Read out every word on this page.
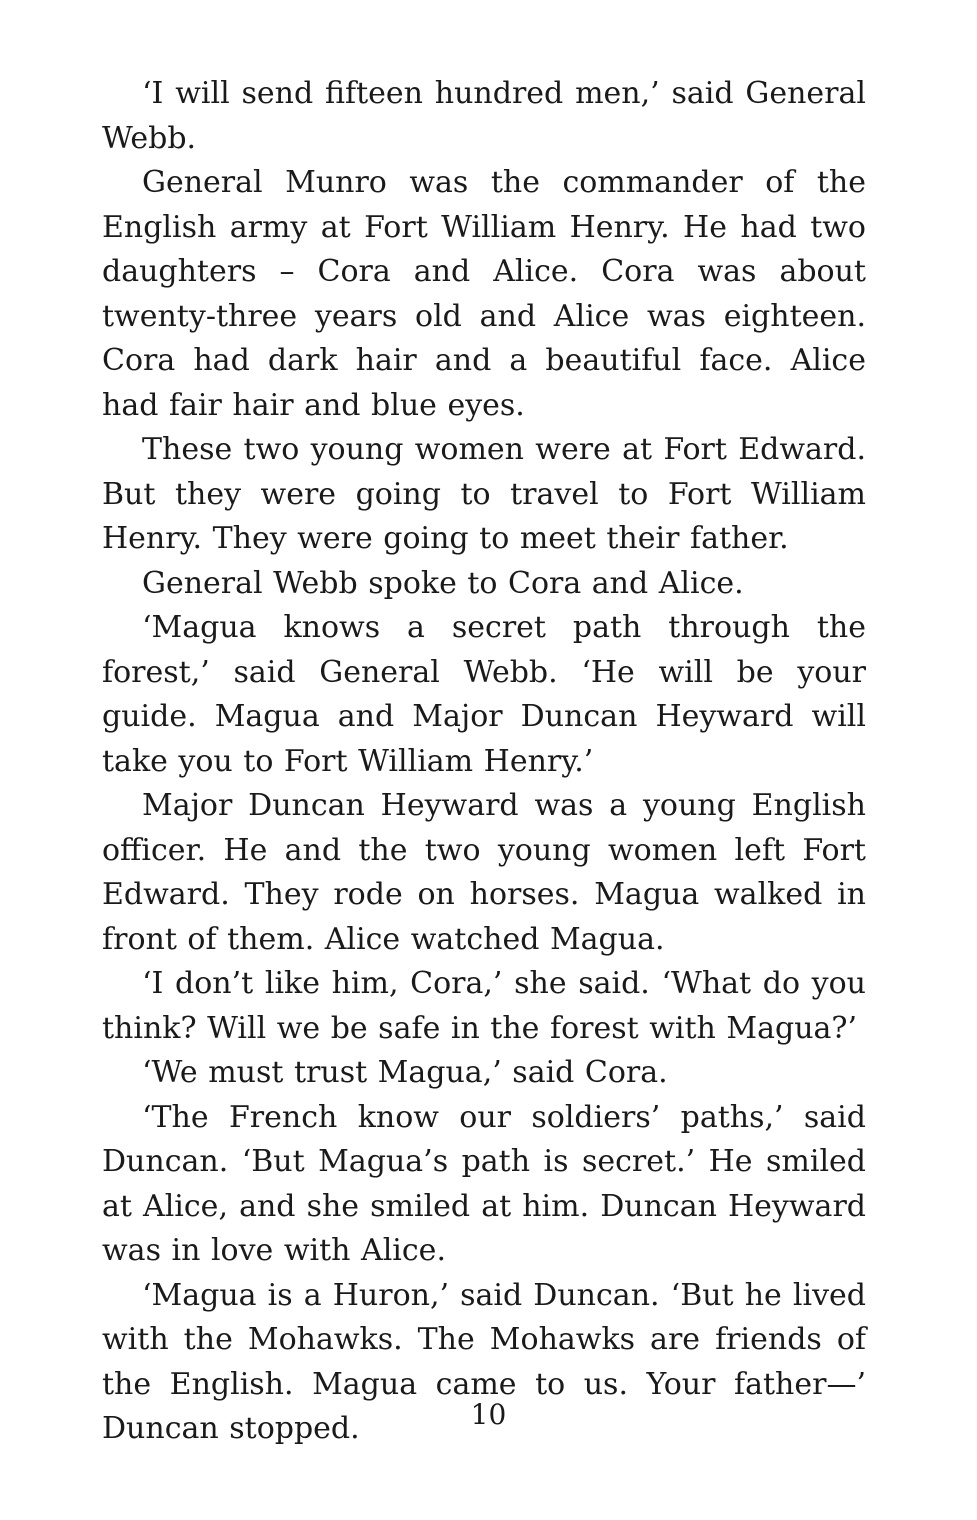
‘I will send fifteen hundred men,’ said General Webb.

General Munro was the commander of the English army at Fort William Henry. He had two daughters – Cora and Alice. Cora was about twenty-three years old and Alice was eighteen. Cora had dark hair and a beautiful face. Alice had fair hair and blue eyes.

These two young women were at Fort Edward. But they were going to travel to Fort William Henry. They were going to meet their father.

General Webb spoke to Cora and Alice.

‘Magua knows a secret path through the forest,’ said General Webb. ‘He will be your guide. Magua and Major Duncan Heyward will take you to Fort William Henry.’

Major Duncan Heyward was a young English officer. He and the two young women left Fort Edward. They rode on horses. Magua walked in front of them. Alice watched Magua.

‘I don’t like him, Cora,’ she said. ‘What do you think? Will we be safe in the forest with Magua?’

‘We must trust Magua,’ said Cora.

‘The French know our soldiers’ paths,’ said Duncan. ‘But Magua’s path is secret.’ He smiled at Alice, and she smiled at him. Duncan Heyward was in love with Alice.

‘Magua is a Huron,’ said Duncan. ‘But he lived with the Mohawks. The Mohawks are friends of the English. Magua came to us. Your father—’ Duncan stopped.	10
